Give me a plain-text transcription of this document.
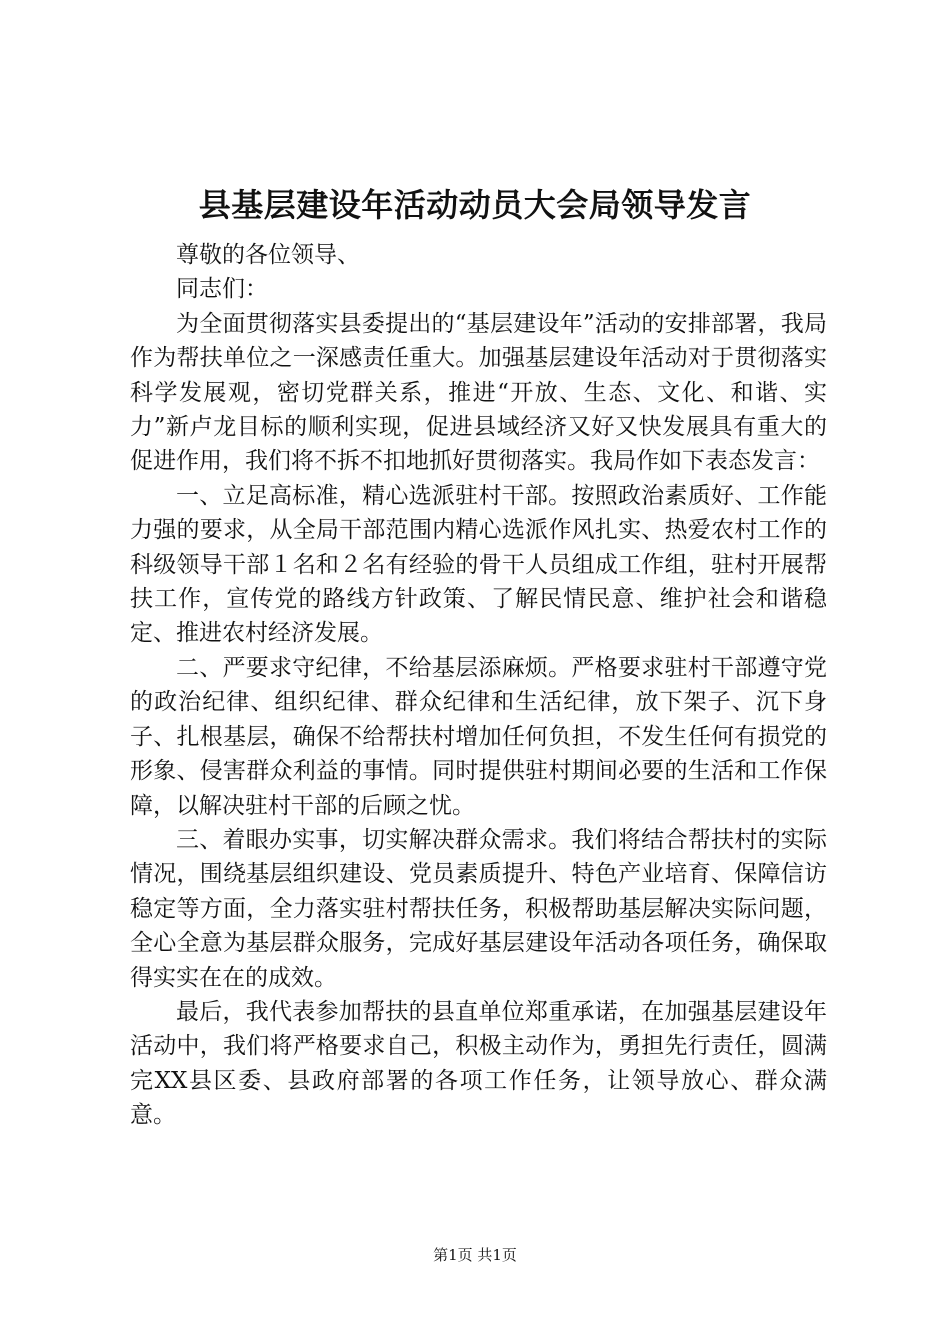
县基层建设年活动动员大会局领导发言

尊敬的各位领导、

同志们：

为全面贯彻落实县委提出的“基层建设年”活动的安排部署，我局作为帮扶单位之一深感责任重大。加强基层建设年活动对于贯彻落实科学发展观，密切党群关系，推进“开放、生态、文化、和谐、实力”新卢龙目标的顺利实现，促进县域经济又好又快发展具有重大的促进作用，我们将不拆不扣地抓好贯彻落实。我局作如下表态发言：

一、立足高标准，精心选派驻村干部。按照政治素质好、工作能力强的要求，从全局干部范围内精心选派作风扎实、热爱农村工作的科级领导干部１名和２名有经验的骨干人员组成工作组，驻村开展帮扶工作，宣传党的路线方针政策、了解民情民意、维护社会和谐稳定、推进农村经济发展。

二、严要求守纪律，不给基层添麻烦。严格要求驻村干部遵守党的政治纪律、组织纪律、群众纪律和生活纪律，放下架子、沉下身子、扎根基层，确保不给帮扶村增加任何负担，不发生任何有损党的形象、侵害群众利益的事情。同时提供驻村期间必要的生活和工作保障，以解决驻村干部的后顾之忧。

三、着眼办实事，切实解决群众需求。我们将结合帮扶村的实际情况，围绕基层组织建设、党员素质提升、特色产业培育、保障信访稳定等方面，全力落实驻村帮扶任务，积极帮助基层解决实际问题，全心全意为基层群众服务，完成好基层建设年活动各项任务，确保取得实实在在的成效。

最后，我代表参加帮扶的县直单位郑重承诺，在加强基层建设年活动中，我们将严格要求自己，积极主动作为，勇担先行责任，圆满完XX县区委、县政府部署的各项工作任务，让领导放心、群众满意。

第1页 共1页
